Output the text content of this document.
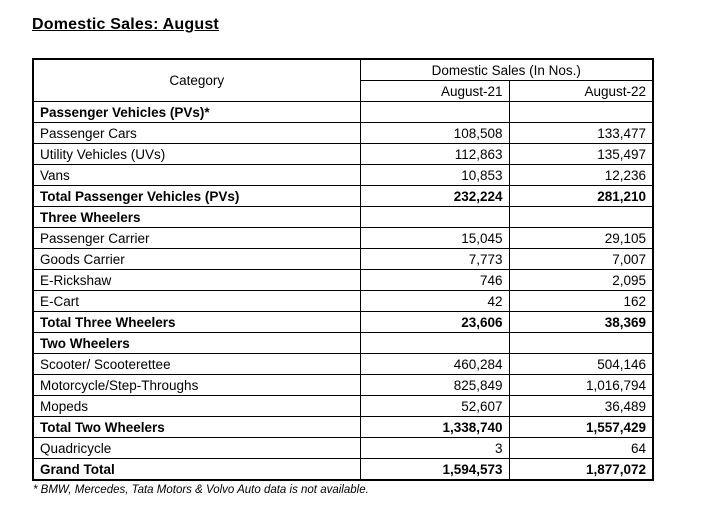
Domestic Sales: August
Category	Domestic Sales (In Nos.)	
	August-21	August-22
Passenger Vehicles (PVs)*		
Passenger Cars	108,508	133,477
Utility Vehicles (UVs)	112,863	135,497
Vans	10,853	12,236
Total Passenger Vehicles (PVs)	232,224	281,210
Three Wheelers		
Passenger Carrier	15,045	29,105
Goods Carrier	7,773	7,007
E-Rickshaw	746	2,095
E-Cart	42	162
Total Three Wheelers	23,606	38,369
Two Wheelers		
Scooter/ Scooterettee	460,284	504,146
Motorcycle/Step-Throughs	825,849	1,016,794
Mopeds	52,607	36,489
Total Two Wheelers	1,338,740	1,557,429
Quadricycle	3	64
Grand Total	1,594,573	1,877,072
* BMW, Mercedes, Tata Motors & Volvo Auto data is not available.
